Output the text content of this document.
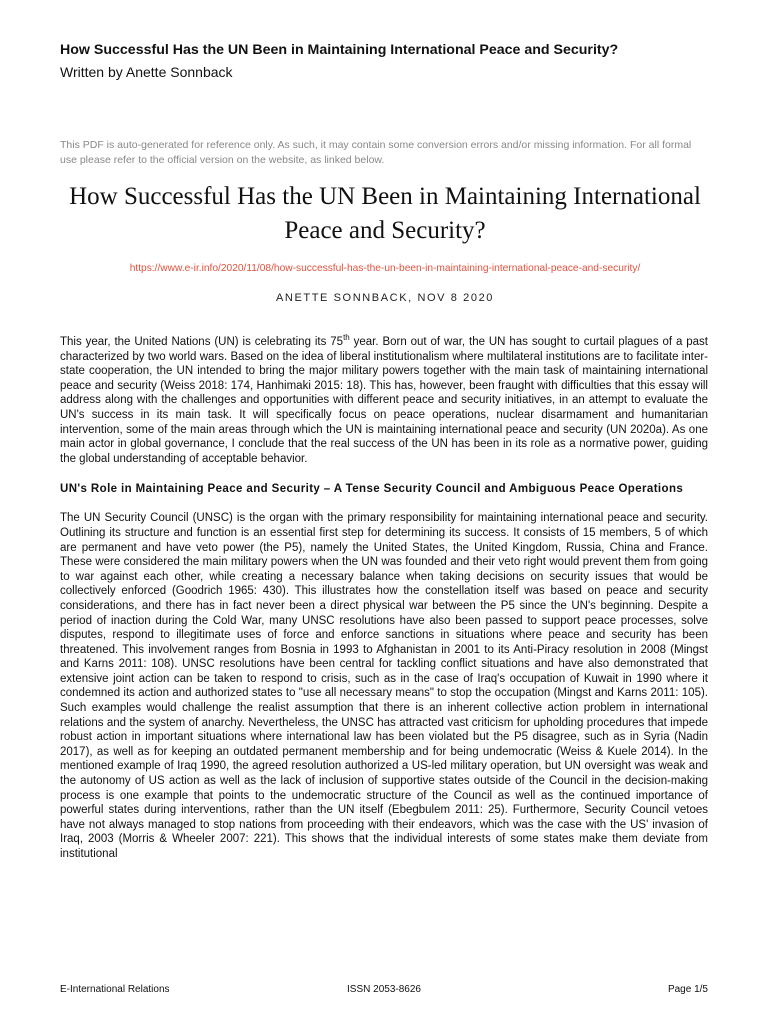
How Successful Has the UN Been in Maintaining International Peace and Security?

Written by Anette Sonnback

This PDF is auto-generated for reference only. As such, it may contain some conversion errors and/or missing information. For all formal use please refer to the official version on the website, as linked below.

How Successful Has the UN Been in Maintaining International Peace and Security?
https://www.e-ir.info/2020/11/08/how-successful-has-the-un-been-in-maintaining-international-peace-and-security/
ANETTE SONNBACK, NOV 8 2020

This year, the United Nations (UN) is celebrating its 75th year. Born out of war, the UN has sought to curtail plagues of a past characterized by two world wars. Based on the idea of liberal institutionalism where multilateral institutions are to facilitate inter-state cooperation, the UN intended to bring the major military powers together with the main task of maintaining international peace and security (Weiss 2018: 174, Hanhimaki 2015: 18). This has, however, been fraught with difficulties that this essay will address along with the challenges and opportunities with different peace and security initiatives, in an attempt to evaluate the UN's success in its main task. It will specifically focus on peace operations, nuclear disarmament and humanitarian intervention, some of the main areas through which the UN is maintaining international peace and security (UN 2020a). As one main actor in global governance, I conclude that the real success of the UN has been in its role as a normative power, guiding the global understanding of acceptable behavior.

UN's Role in Maintaining Peace and Security – A Tense Security Council and Ambiguous Peace Operations

The UN Security Council (UNSC) is the organ with the primary responsibility for maintaining international peace and security. Outlining its structure and function is an essential first step for determining its success. It consists of 15 members, 5 of which are permanent and have veto power (the P5), namely the United States, the United Kingdom, Russia, China and France. These were considered the main military powers when the UN was founded and their veto right would prevent them from going to war against each other, while creating a necessary balance when taking decisions on security issues that would be collectively enforced (Goodrich 1965: 430). This illustrates how the constellation itself was based on peace and security considerations, and there has in fact never been a direct physical war between the P5 since the UN's beginning. Despite a period of inaction during the Cold War, many UNSC resolutions have also been passed to support peace processes, solve disputes, respond to illegitimate uses of force and enforce sanctions in situations where peace and security has been threatened. This involvement ranges from Bosnia in 1993 to Afghanistan in 2001 to its Anti-Piracy resolution in 2008 (Mingst and Karns 2011: 108). UNSC resolutions have been central for tackling conflict situations and have also demonstrated that extensive joint action can be taken to respond to crisis, such as in the case of Iraq's occupation of Kuwait in 1990 where it condemned its action and authorized states to "use all necessary means" to stop the occupation (Mingst and Karns 2011: 105). Such examples would challenge the realist assumption that there is an inherent collective action problem in international relations and the system of anarchy. Nevertheless, the UNSC has attracted vast criticism for upholding procedures that impede robust action in important situations where international law has been violated but the P5 disagree, such as in Syria (Nadin 2017), as well as for keeping an outdated permanent membership and for being undemocratic (Weiss & Kuele 2014). In the mentioned example of Iraq 1990, the agreed resolution authorized a US-led military operation, but UN oversight was weak and the autonomy of US action as well as the lack of inclusion of supportive states outside of the Council in the decision-making process is one example that points to the undemocratic structure of the Council as well as the continued importance of powerful states during interventions, rather than the UN itself (Ebegbulem 2011: 25). Furthermore, Security Council vetoes have not always managed to stop nations from proceeding with their endeavors, which was the case with the US' invasion of Iraq, 2003 (Morris & Wheeler 2007: 221). This shows that the individual interests of some states make them deviate from institutional

E-International Relations	ISSN 2053-8626	Page 1/5
